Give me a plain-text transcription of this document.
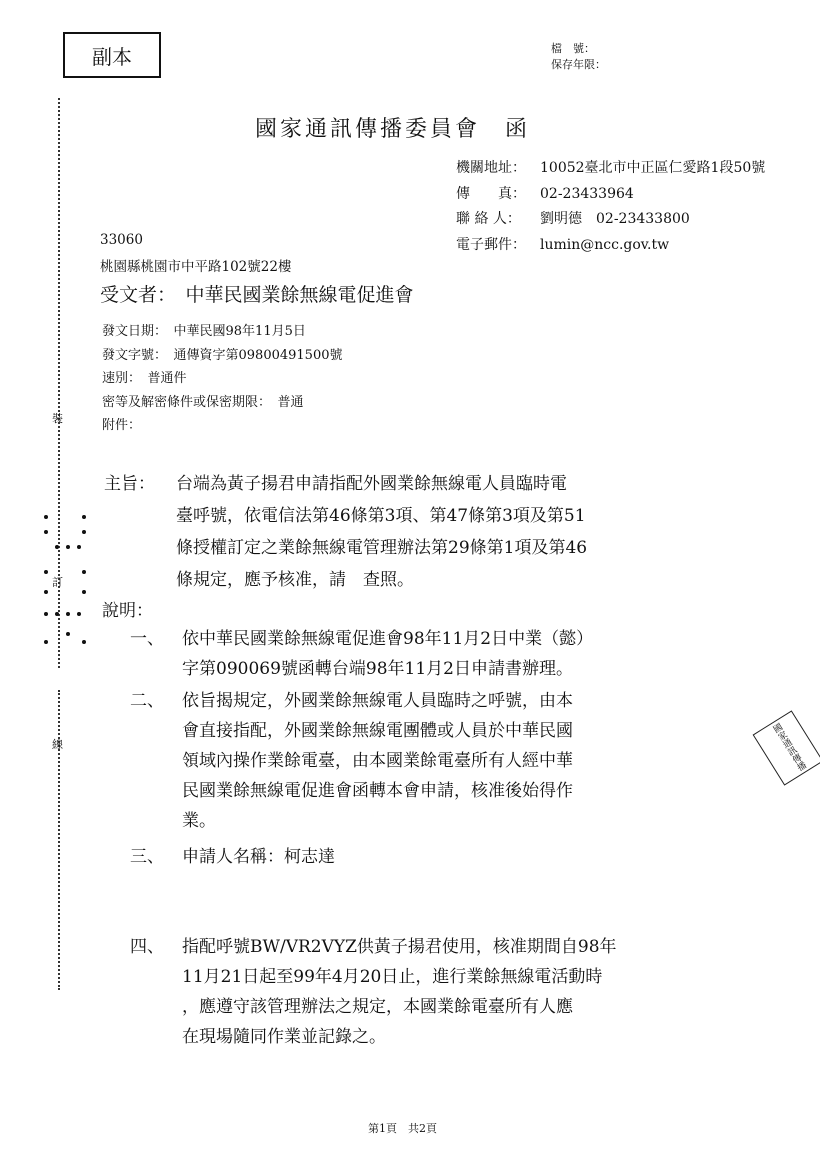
副本	檔　號：
保存年限：
裝
訂
線
國家通訊傳播委員會　函
機關地址：	10052臺北市中正區仁愛路1段50號
傳　　真：	02-23433964
聯 絡 人：	劉明德　02-23433800
電子郵件：	lumin@ncc.gov.tw
33060
桃園縣桃園市中平路102號22樓
受文者：　中華民國業餘無線電促進會
發文日期：　中華民國98年11月5日
發文字號：　通傳資字第09800491500號
速別：　普通件
密等及解密條件或保密期限：　普通
附件：
主旨： 台端為黃子揚君申請指配外國業餘無線電人員臨時電
臺呼號，依電信法第46條第3項、第47條第3項及第51
條授權訂定之業餘無線電管理辦法第29條第1項及第46
條規定，應予核准，請　查照。
說明：
一、 依中華民國業餘無線電促進會98年11月2日中業（懿）
字第090069號函轉台端98年11月2日申請書辦理。
二、 依旨揭規定，外國業餘無線電人員臨時之呼號，由本
會直接指配，外國業餘無線電團體或人員於中華民國
領域內操作業餘電臺，由本國業餘電臺所有人經中華
民國業餘無線電促進會函轉本會申請，核准後始得作
業。
三、 申請人名稱：柯志達
四、 指配呼號BW/VR2VYZ供黃子揚君使用，核准期間自98年
11月21日起至99年4月20日止，進行業餘無線電活動時
，應遵守該管理辦法之規定，本國業餘電臺所有人應
在現場隨同作業並記錄之。
國家通訊傳播
第1頁　共2頁
